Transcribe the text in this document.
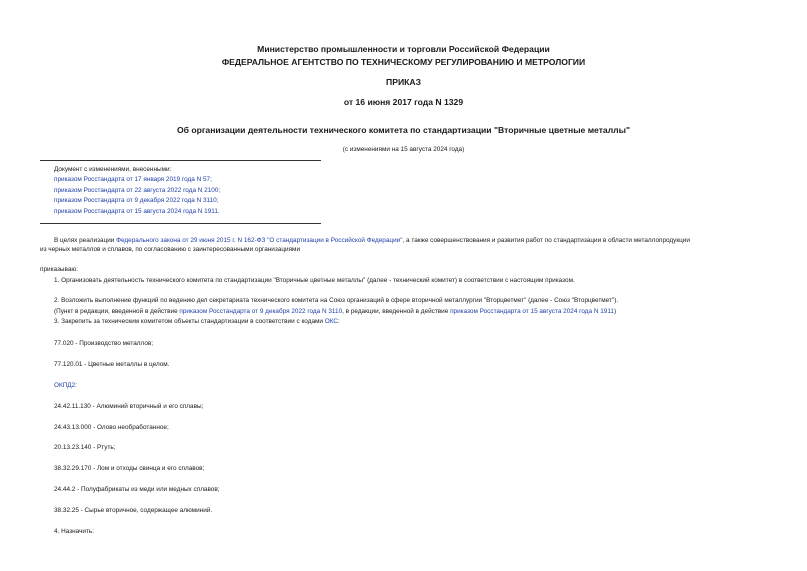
Министерство промышленности и торговли Российской Федерации
ФЕДЕРАЛЬНОЕ АГЕНТСТВО ПО ТЕХНИЧЕСКОМУ РЕГУЛИРОВАНИЮ И МЕТРОЛОГИИ
ПРИКАЗ
от 16 июня 2017 года N 1329
Об организации деятельности технического комитета по стандартизации "Вторичные цветные металлы"
(с изменениями на 15 августа 2024 года)
Документ с изменениями, внесенными:
приказом Росстандарта от 17 января 2019 года N 57;
приказом Росстандарта от 22 августа 2022 года N 2100;
приказом Росстандарта от 9 декабря 2022 года N 3110;
приказом Росстандарта от 15 августа 2024 года N 1911.
В целях реализации Федерального закона от 29 июня 2015 г. N 162-ФЗ "О стандартизации в Российской Федерации", а также совершенствования и развития работ по стандартизации в области металлопродукции
из черных металлов и сплавов, по согласованию с заинтересованными организациями
приказываю:
1. Организовать деятельность технического комитета по стандартизации "Вторичные цветные металлы" (далее - технический комитет) в соответствии с настоящим приказом.
2. Возложить выполнение функций по ведению дел секретариата технического комитета на Союз организаций в сфере вторичной металлургии "Вторцветмет" (далее - Союз "Вторцветмет").
(Пункт в редакции, введенной в действие приказом Росстандарта от 9 декабря 2022 года N 3110, в редакции, введенной в действие приказом Росстандарта от 15 августа 2024 года N 1911)
3. Закрепить за техническим комитетом объекты стандартизации в соответствии с кодами ОКС:
77.020 - Производство металлов;
77.120.01 - Цветные металлы в целом.
ОКПД2:
24.42.11.130 - Алюминий вторичный и его сплавы;
24.43.13.000 - Олово необработанное;
20.13.23.140 - Ртуть;
38.32.29.170 - Лом и отходы свинца и его сплавов;
24.44.2 - Полуфабрикаты из меди или медных сплавов;
38.32.25 - Сырье вторичное, содержащее алюминий.
4. Назначить:
